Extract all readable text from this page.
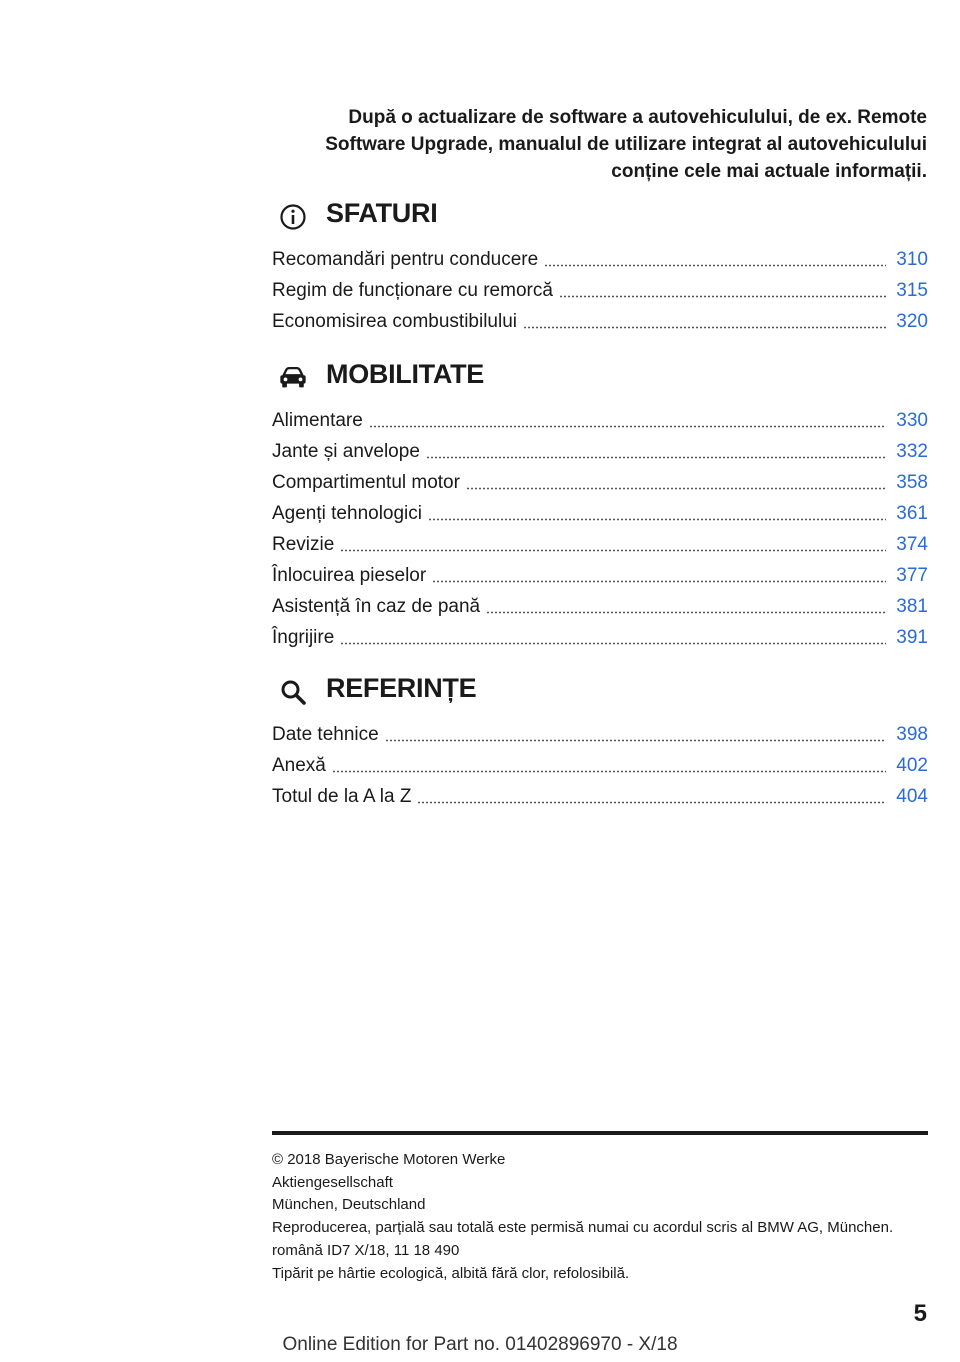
După o actualizare de software a autovehiculului, de ex. Remote
Software Upgrade, manualul de utilizare integrat al autovehiculului
conține cele mai actuale informații.
SFATURI
Recomandări pentru conducere	310
Regim de funcționare cu remorcă	315
Economisirea combustibilului	320
MOBILITATE
Alimentare	330
Jante și anvelope	332
Compartimentul motor	358
Agenți tehnologici	361
Revizie	374
Înlocuirea pieselor	377
Asistență în caz de pană	381
Îngrijire	391
REFERINȚE
Date tehnice	398
Anexă	402
Totul de la A la Z	404
© 2018 Bayerische Motoren Werke
Aktiengesellschaft
München, Deutschland
Reproducerea, parțială sau totală este permisă numai cu acordul scris al BMW AG, München.
română ID7 X/18, 11 18 490
Tipărit pe hârtie ecologică, albită fără clor, refolosibilă.
5
Online Edition for Part no. 01402896970 - X/18
